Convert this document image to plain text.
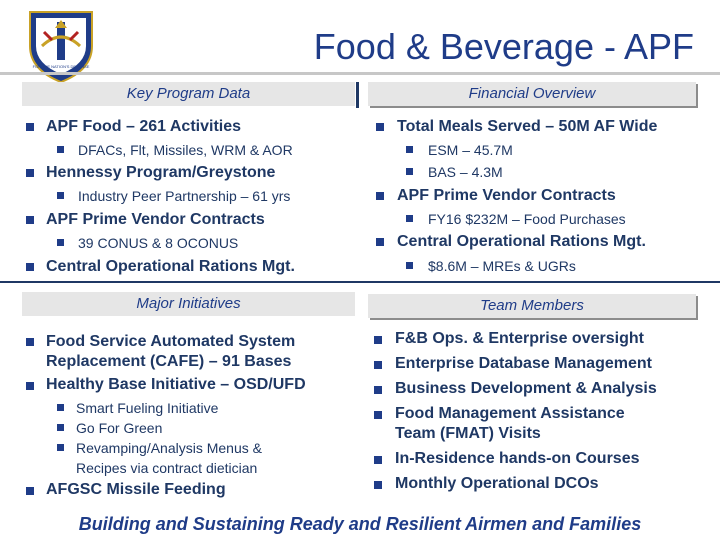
FOR THE NATION'S DEFENSE	Food & Beverage - APF
Key Program Data	Financial Overview
APF Food – 261 Activities
DFACs, Flt, Missiles, WRM & AOR
Hennessy Program/Greystone
Industry Peer Partnership – 61 yrs
APF Prime Vendor Contracts
39 CONUS & 8 OCONUS
Central Operational Rations Mgt.
Total Meals Served – 50M AF Wide
ESM – 45.7M
BAS – 4.3M
APF Prime Vendor Contracts
FY16 $232M – Food Purchases
Central Operational Rations Mgt.
$8.6M – MREs & UGRs
Major Initiatives	Team Members
Food Service Automated System
Replacement (CAFE) – 91 Bases
Healthy Base Initiative – OSD/UFD
Smart Fueling Initiative
Go For Green
Revamping/Analysis Menus &
Recipes via contract dietician
AFGSC Missile Feeding
F&B Ops. & Enterprise oversight
Enterprise Database Management
Business Development & Analysis
Food Management Assistance
Team (FMAT) Visits
In-Residence hands-on Courses
Monthly Operational DCOs
Building and Sustaining Ready and Resilient Airmen and Families
